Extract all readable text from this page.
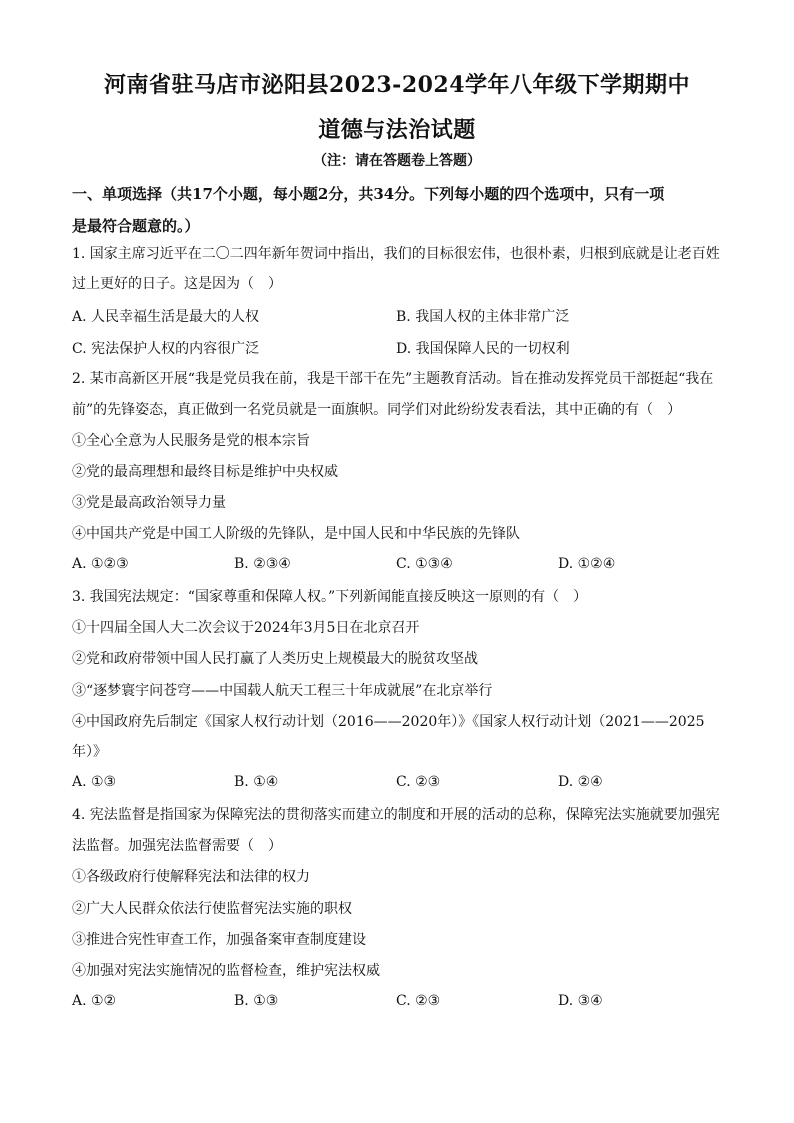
河南省驻马店市泌阳县2023-2024学年八年级下学期期中
道德与法治试题
（注：请在答题卷上答题）
一、单项选择（共17个小题，每小题2分，共34分。下列每小题的四个选项中，只有一项
是最符合题意的。）
1. 国家主席习近平在二〇二四年新年贺词中指出，我们的目标很宏伟，也很朴素，归根到底就是让老百姓
过上更好的日子。这是因为（　）
A. 人民幸福生活是最大的人权	B. 我国人权的主体非常广泛
C. 宪法保护人权的内容很广泛	D. 我国保障人民的一切权利
2. 某市高新区开展“我是党员我在前，我是干部干在先”主题教育活动。旨在推动发挥党员干部挺起“我在
前”的先锋姿态，真正做到一名党员就是一面旗帜。同学们对此纷纷发表看法，其中正确的有（　）
①全心全意为人民服务是党的根本宗旨
②党的最高理想和最终目标是维护中央权威
③党是最高政治领导力量
④中国共产党是中国工人阶级的先锋队，是中国人民和中华民族的先锋队
A. ①②③	B. ②③④	C. ①③④	D. ①②④
3. 我国宪法规定：“国家尊重和保障人权。”下列新闻能直接反映这一原则的有（　）
①十四届全国人大二次会议于2024年3月5日在北京召开
②党和政府带领中国人民打赢了人类历史上规模最大的脱贫攻坚战
③“逐梦寰宇问苍穹——中国载人航天工程三十年成就展”在北京举行
④中国政府先后制定《国家人权行动计划（2016——2020年）》《国家人权行动计划（2021——2025
年）》
A. ①③	B. ①④	C. ②③	D. ②④
4. 宪法监督是指国家为保障宪法的贯彻落实而建立的制度和开展的活动的总称，保障宪法实施就要加强宪
法监督。加强宪法监督需要（　）
①各级政府行使解释宪法和法律的权力
②广大人民群众依法行使监督宪法实施的职权
③推进合宪性审查工作，加强备案审查制度建设
④加强对宪法实施情况的监督检查，维护宪法权威
A. ①②	B. ①③	C. ②③	D. ③④
